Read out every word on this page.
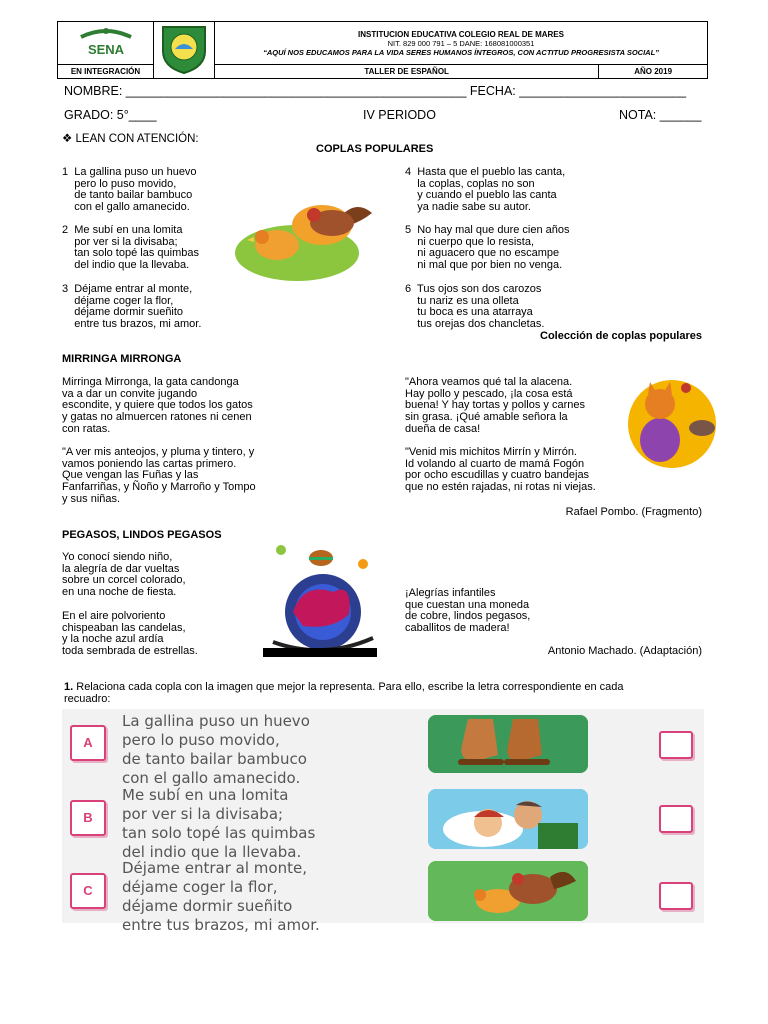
SENA

INSTITUCION EDUCATIVA COLEGIO REAL DE MARES
NIT. 829 000 791 – 5 DANE: 168081000351
“AQUÍ NOS EDUCAMOS PARA LA VIDA SERES HUMANOS ÍNTEGROS, CON ACTITUD PROGRESISTA SOCIAL”

EN INTEGRACIÓN		TALLER DE ESPAÑOL	AÑO 2019
NOMBRE: _________________________________________________ FECHA: ________________________
GRADO: 5°____	IV PERIODO	NOTA: ______
❖ LEAN CON ATENCIÓN:
COPLAS POPULARES
1  La gallina puso un huevo
pero lo puso movido,
de tanto bailar bambuco
con el gallo amanecido.
2  Me subí en una lomita
por ver si la divisaba;
tan solo topé las quimbas
del indio que la llevaba.
3  Déjame entrar al monte,
déjame coger la flor,
déjame dormir sueñito
entre tus brazos, mi amor.
4  Hasta que el pueblo las canta,
la coplas, coplas no son
y cuando el pueblo las canta
ya nadie sabe su autor.
5  No hay mal que dure cien años
ni cuerpo que lo resista,
ni aguacero que no escampe
ni mal que por bien no venga.
6  Tus ojos son dos carozos
tu nariz es una olleta
tu boca es una atarraya
tus orejas dos chancletas.
Colección de coplas populares
MIRRINGA MIRRONGA
Mirringa Mirronga, la gata candonga
va a dar un convite jugando
escondite, y quiere que todos los gatos
y gatas no almuercen ratones ni cenen
con ratas.
"A ver mis anteojos, y pluma y tintero, y
vamos poniendo las cartas primero.
Que vengan las Fuñas y las
Fanfarriñas, y Ñoño y Marroño y Tompo
y sus niñas.
"Ahora veamos qué tal la alacena.
Hay pollo y pescado, ¡la cosa está
buena! Y hay tortas y pollos y carnes
sin grasa. ¡Qué amable señora la
dueña de casa!
"Venid mis michitos Mirrín y Mirrón.
Id volando al cuarto de mamá Fogón
por ocho escudillas y cuatro bandejas
que no estén rajadas, ni rotas ni viejas.
Rafael Pombo. (Fragmento)
PEGASOS, LINDOS PEGASOS
Yo conocí siendo niño,
la alegría de dar vueltas
sobre un corcel colorado,
en una noche de fiesta.
En el aire polvoriento
chispeaban las candelas,
y la noche azul ardía
toda sembrada de estrellas.
¡Alegrías infantiles
que cuestan una moneda
de cobre, lindos pegasos,
caballitos de madera!
Antonio Machado. (Adaptación)
1. Relaciona cada copla con la imagen que mejor la representa. Para ello, escribe la letra correspondiente en cada
recuadro:
A
La gallina puso un huevo
pero lo puso movido,
de tanto bailar bambuco
con el gallo amanecido.
B
Me subí en una lomita
por ver si la divisaba;
tan solo topé las quimbas
del indio que la llevaba.
C
Déjame entrar al monte,
déjame coger la flor,
déjame dormir sueñito
entre tus brazos, mi amor.
